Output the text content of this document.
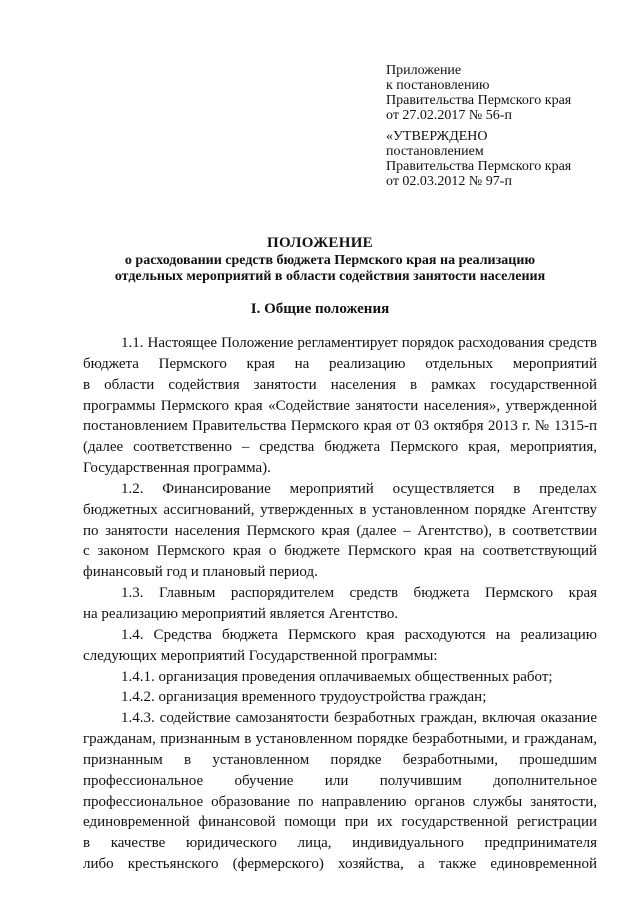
Приложение
к постановлению
Правительства Пермского края
от 27.02.2017 № 56-п
«УТВЕРЖДЕНО
постановлением
Правительства Пермского края
от 02.03.2012 № 97-п
ПОЛОЖЕНИЕ
о расходовании средств бюджета Пермского края на реализацию
отдельных мероприятий в области содействия занятости населения
I. Общие положения
1.1. Настоящее Положение регламентирует порядок расходования средств
бюджета Пермского края на реализацию отдельных мероприятий
в области содействия занятости населения в рамках государственной
программы Пермского края «Содействие занятости населения», утвержденной
постановлением Правительства Пермского края от 03 октября 2013 г. № 1315-п
(далее соответственно – средства бюджета Пермского края, мероприятия,
Государственная программа).
1.2. Финансирование мероприятий осуществляется в пределах
бюджетных ассигнований, утвержденных в установленном порядке Агентству
по занятости населения Пермского края (далее – Агентство), в соответствии
с законом Пермского края о бюджете Пермского края на соответствующий
финансовый год и плановый период.
1.3. Главным распорядителем средств бюджета Пермского края
на реализацию мероприятий является Агентство.
1.4. Средства бюджета Пермского края расходуются на реализацию
следующих мероприятий Государственной программы:
1.4.1. организация проведения оплачиваемых общественных работ;
1.4.2. организация временного трудоустройства граждан;
1.4.3. содействие самозанятости безработных граждан, включая оказание
гражданам, признанным в установленном порядке безработными, и гражданам,
признанным в установленном порядке безработными, прошедшим
профессиональное обучение или получившим дополнительное
профессиональное образование по направлению органов службы занятости,
единовременной финансовой помощи при их государственной регистрации
в качестве юридического лица, индивидуального предпринимателя
либо крестьянского (фермерского) хозяйства, а также единовременной
